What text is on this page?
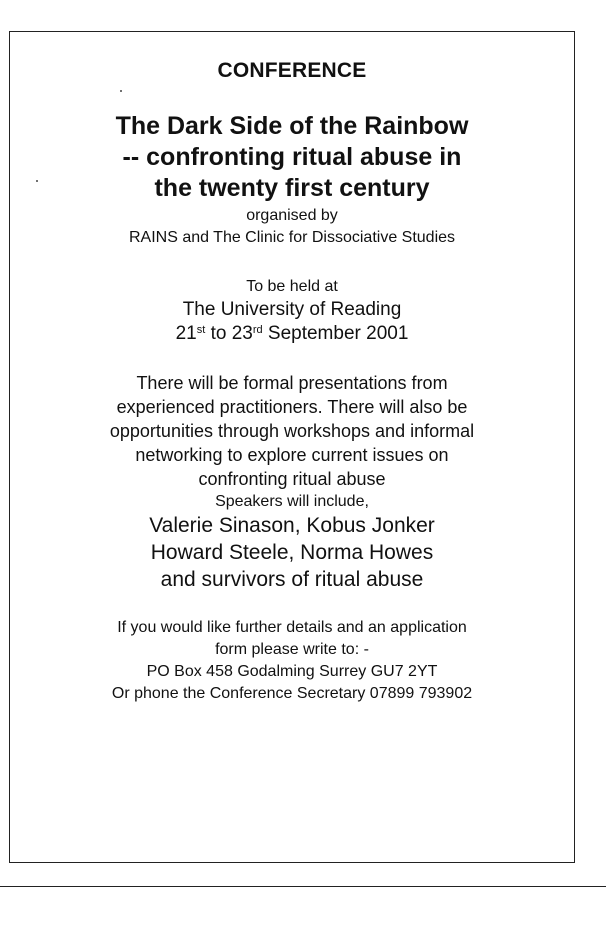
CONFERENCE
The Dark Side of the Rainbow
-- confronting ritual abuse in
the twenty first century
organised by
RAINS and The Clinic for Dissociative Studies
To be held at
The University of Reading
21st to 23rd September 2001
There will be formal presentations from
experienced practitioners. There will also be
opportunities through workshops and informal
networking to explore current issues on
confronting ritual abuse
Speakers will include,
Valerie Sinason, Kobus Jonker
Howard Steele, Norma Howes
and survivors of ritual abuse
If you would like further details and an application
form please write to: -
PO Box 458 Godalming Surrey GU7 2YT
Or phone the Conference Secretary 07899 793902
